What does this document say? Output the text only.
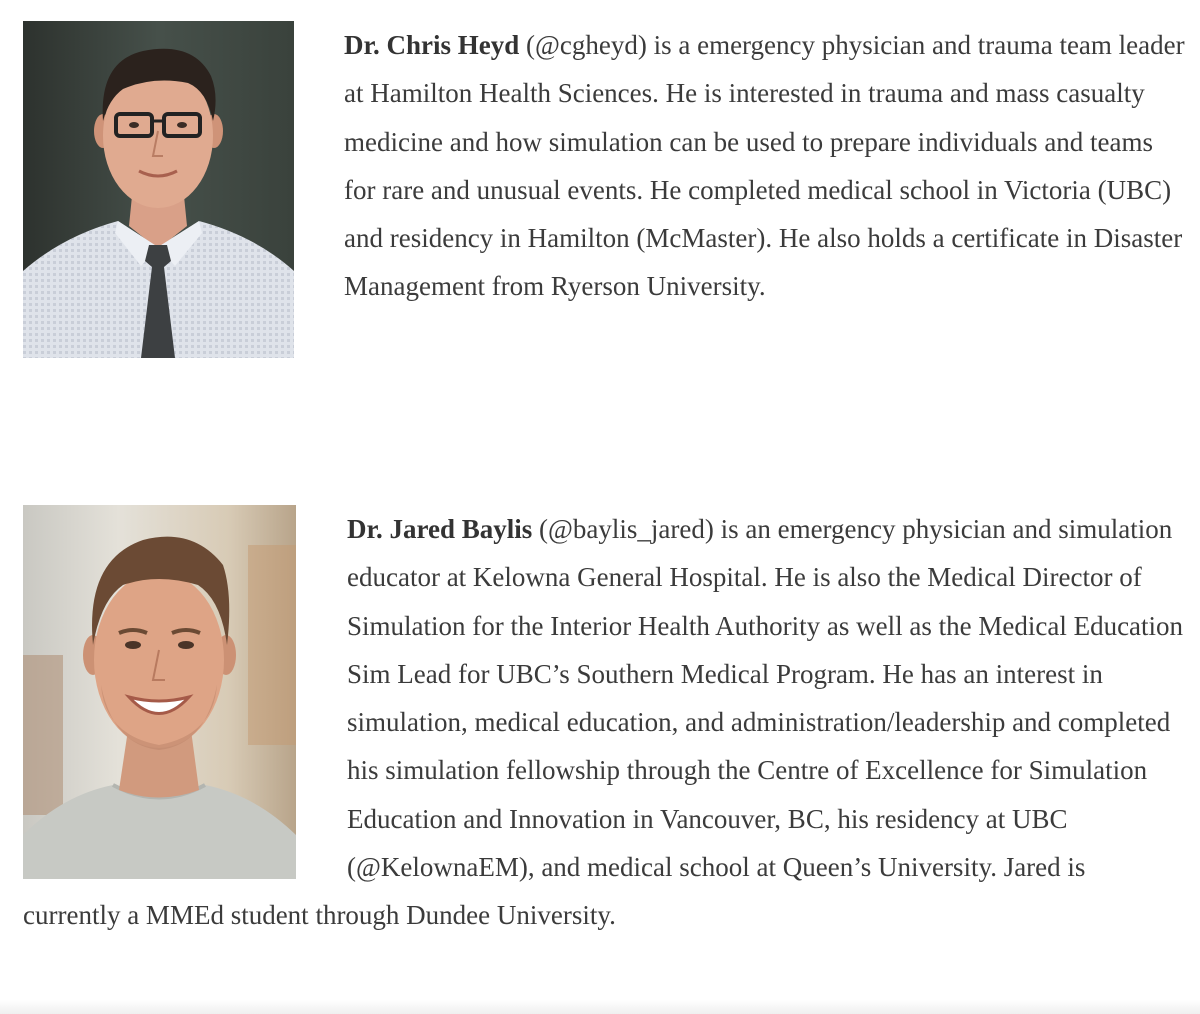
Dr. Chris Heyd (@cgheyd) is a emergency physician and trauma team leader at Hamilton Health Sciences. He is interested in trauma and mass casualty medicine and how simulation can be used to prepare individuals and teams for rare and unusual events. He completed medical school in Victoria (UBC) and residency in Hamilton (McMaster). He also holds a certificate in Disaster Management from Ryerson University.

Dr. Jared Baylis (@baylis_jared) is an emergency physician and simulation educator at Kelowna General Hospital. He is also the Medical Director of Simulation for the Interior Health Authority as well as the Medical Education Sim Lead for UBC’s Southern Medical Program. He has an interest in simulation, medical education, and administration/leadership and completed his simulation fellowship through the Centre of Excellence for Simulation Education and Innovation in Vancouver, BC, his residency at UBC (@KelownaEM), and medical school at Queen’s University. Jared is currently a MMEd student through Dundee University.
